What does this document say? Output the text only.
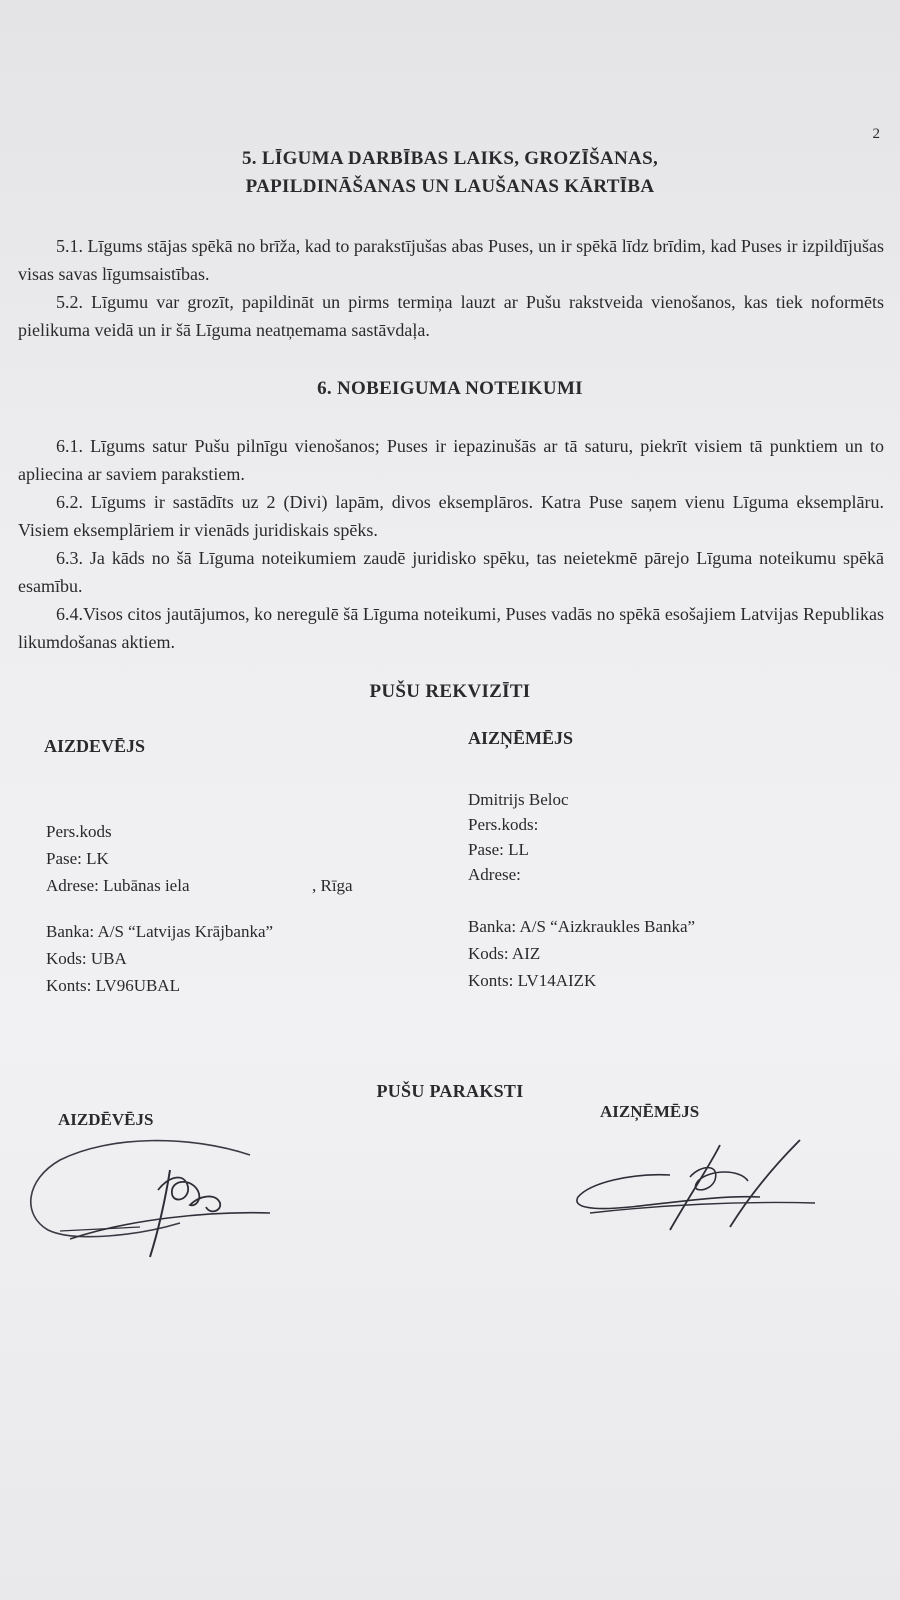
2
5. LĪGUMA DARBĪBAS LAIKS, GROZĪŠANAS,
PAPILDINĀŠANAS UN LAUŠANAS KĀRTĪBA
5.1. Līgums stājas spēkā no brīža, kad to parakstījušas abas Puses, un ir spēkā līdz brīdim, kad Puses ir izpildījušas visas savas līgumsaistības.
5.2. Līgumu var grozīt, papildināt un pirms termiņa lauzt ar Pušu rakstveida vienošanos, kas tiek noformēts pielikuma veidā un ir šā Līguma neatņemama sastāvdaļa.
6. NOBEIGUMA NOTEIKUMI
6.1. Līgums satur Pušu pilnīgu vienošanos; Puses ir iepazinušās ar tā saturu, piekrīt visiem tā punktiem un to apliecina ar saviem parakstiem.
6.2. Līgums ir sastādīts uz 2 (Divi) lapām, divos eksemplāros. Katra Puse saņem vienu Līguma eksemplāru. Visiem eksemplāriem ir vienāds juridiskais spēks.
6.3. Ja kāds no šā Līguma noteikumiem zaudē juridisko spēku, tas neietekmē pārejo Līguma noteikumu spēkā esamību.
6.4.Visos citos jautājumos, ko neregulē šā Līguma noteikumi, Puses vadās no spēkā esošajiem Latvijas Republikas likumdošanas aktiem.
PUŠU REKVIZĪTI
AIZDEVĒJS	AIZŅĒMĒJS
Pers.kods
Pase: LK
Adrese: Lubānas iela	, Rīga
Banka: A/S “Latvijas Krājbanka”
Kods: UBA
Konts: LV96UBAL
Dmitrijs Beloc
Pers.kods:
Pase: LL
Adrese:
Banka: A/S “Aizkraukles Banka”
Kods: AIZ
Konts: LV14AIZK
PUŠU PARAKSTI
AIZDĒVĒJS	AIZŅĒMĒJS
